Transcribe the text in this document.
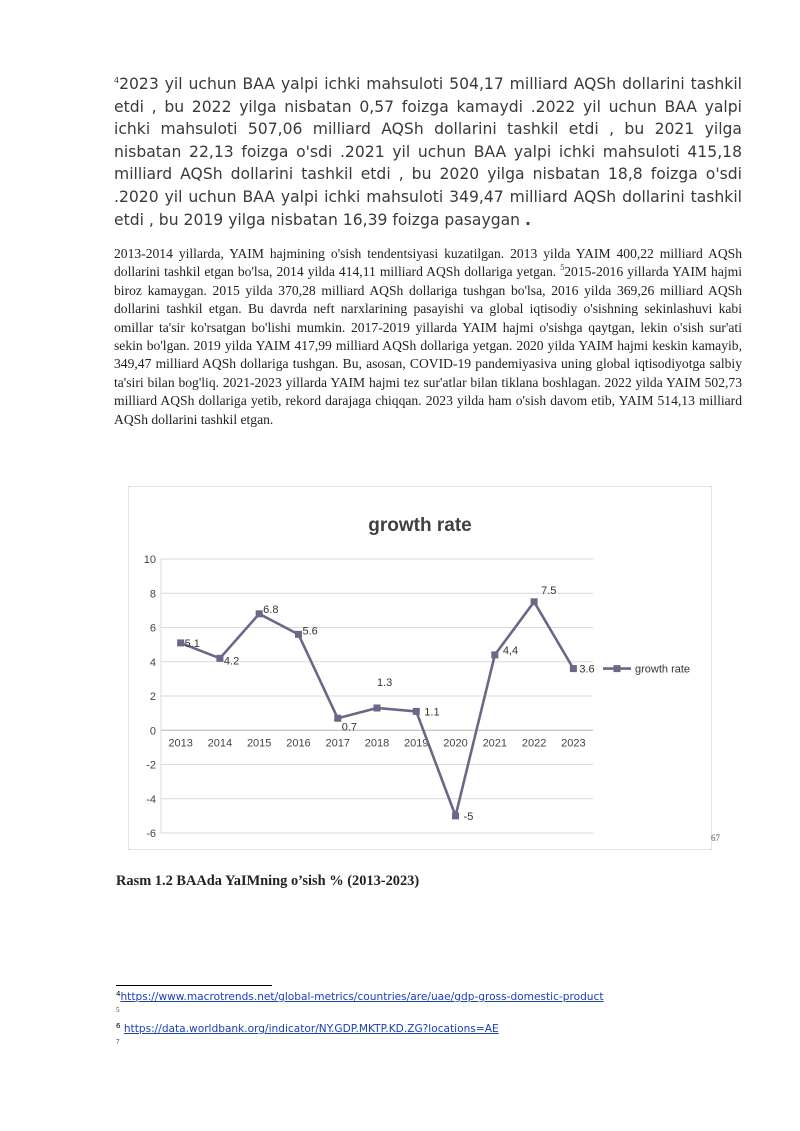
$^4$2023 yil uchun BAA yalpi ichki mahsuloti 504,17 milliard AQSh dollarini tashkil etdi , bu 2022 yilga nisbatan 0,57 foizga kamaydi .2022 yil uchun BAA yalpi ichki mahsuloti 507,06 milliard AQSh dollarini tashkil etdi , bu 2021 yilga nisbatan 22,13 foizga o'sdi .2021 yil uchun BAA yalpi ichki mahsuloti 415,18 milliard AQSh dollarini tashkil etdi , bu 2020 yilga nisbatan 18,8 foizga o'sdi .2020 yil uchun BAA yalpi ichki mahsuloti 349,47 milliard AQSh dollarini tashkil etdi , bu 2019 yilga nisbatan 16,39 foizga pasaygan .

2013-2014 yillarda, YAIM hajmining o'sish tendentsiyasi kuzatilgan. 2013 yilda YAIM 400,22 milliard AQSh dollarini tashkil etgan bo'lsa, 2014 yilda 414,11 milliard AQSh dollariga yetgan. $^5$2015-2016 yillarda YAIM hajmi biroz kamaygan. 2015 yilda 370,28 milliard AQSh dollariga tushgan bo'lsa, 2016 yilda 369,26 milliard AQSh dollarini tashkil etgan. Bu davrda neft narxlarining pasayishi va global iqtisodiy o'sishning sekinlashuvi kabi omillar ta'sir ko'rsatgan bo'lishi mumkin. 2017-2019 yillarda YAIM hajmi o'sishga qaytgan, lekin o'sish sur'ati sekin bo'lgan. 2019 yilda YAIM 417,99 milliard AQSh dollariga yetgan. 2020 yilda YAIM hajmi keskin kamayib, 349,47 milliard AQSh dollariga tushgan. Bu, asosan, COVID-19 pandemiyasiva uning global iqtisodiyotga salbiy ta'siri bilan bog'liq. 2021-2023 yillarda YAIM hajmi tez sur'atlar bilan tiklana boshlagan. 2022 yilda YAIM 502,73 milliard AQSh dollariga yetib, rekord darajaga chiqqan. 2023 yilda ham o'sish davom etib, YAIM 514,13 milliard AQSh dollarini tashkil etgan.

growth rate
-6
-4
-2
0
2
4
6
8
10
2013 2014 2015 2016 2017 2018 2019 2020 2021 2022 2023
5.1
4.2
6.8
5.6
0.7
1.3
1.1
-5
4,4
7.5
3.6	growth rate
67

Rasm 1.2 BAAda YaIMning o’sish % (2013-2023)

$^4$https://www.macrotrends.net/global-metrics/countries/are/uae/gdp-gross-domestic-product

5

$^6$ https://data.worldbank.org/indicator/NY.GDP.MKTP.KD.ZG?locations=AE

7
